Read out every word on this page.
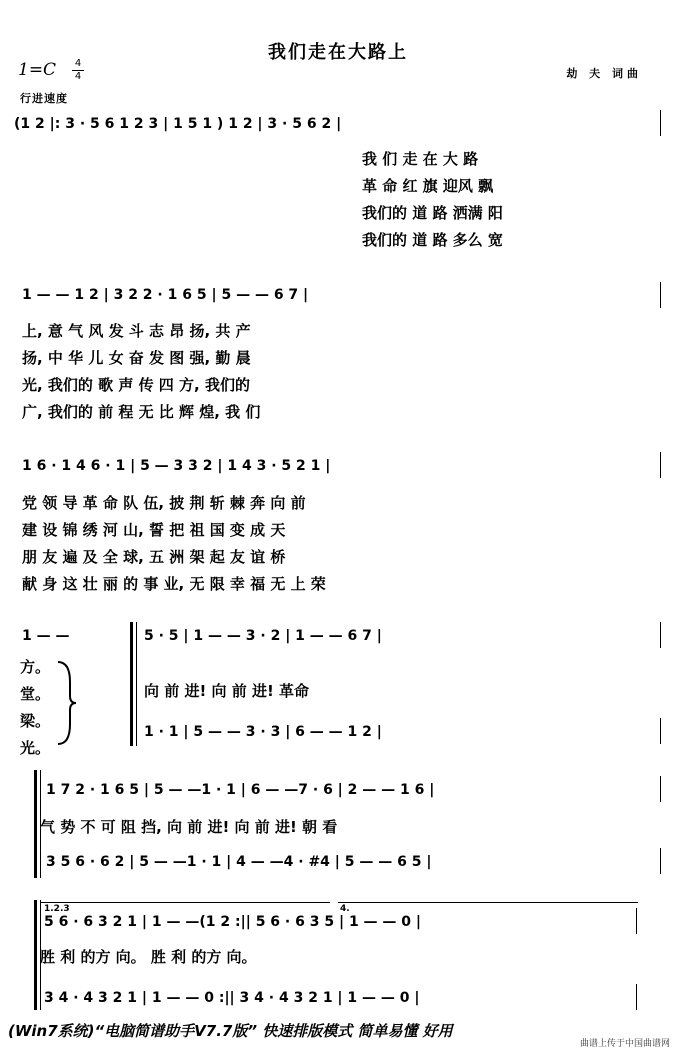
我们走在大路上
1=C 4
4	劫 夫 词曲
行进速度
(1 2 |: 3 · 5 6 1 2 3 | 1 5 1 ) 1 2 | 3 · 5 6 2 |
我 们 走 在 大 路
革 命 红 旗 迎风 飘
我们的 道 路 洒满 阳
我们的 道 路 多么 宽
1 — — 1 2 | 3 2 2 · 1 6 5 | 5 — — 6 7 |
上, 意 气 风 发 斗 志 昂 扬, 共 产
扬, 中 华 儿 女 奋 发 图 强, 勤 晨
光, 我们的 歌 声 传 四 方, 我们的
广, 我们的 前 程 无 比 辉 煌, 我 们
1 6 · 1 4 6 · 1 | 5 — 3 3 2 | 1 4 3 · 5 2 1 |
党 领 导 革 命 队 伍, 披 荆 斩 棘 奔 向 前
建 设 锦 绣 河 山, 誓 把 祖 国 变 成 天
朋 友 遍 及 全 球, 五 洲 架 起 友 谊 桥
献 身 这 壮 丽 的 事 业, 无 限 幸 福 无 上 荣
1 — —	5 · 5 | 1 — — 3 · 2 | 1 — — 6 7 |
方。
堂。
梁。
光。
向 前 进! 向 前 进! 革命
1 · 1 | 5 — — 3 · 3 | 6 — — 1 2 |
1 7 2 · 1 6 5 | 5 — —1 · 1 | 6 — —7 · 6 | 2 — — 1 6 |
气 势 不 可 阻 挡, 向 前 进! 向 前 进! 朝 看
3 5 6 · 6 2 | 5 — —1 · 1 | 4 — —4 · #4 | 5 — — 6 5 |
1.2.3	4.
5 6 · 6 3 2 1 | 1 — —(1 2 :|| 5 6 · 6 3 5 | 1 — — 0 |
胜 利 的方 向。 胜 利 的方 向。
3 4 · 4 3 2 1 | 1 — — 0 :|| 3 4 · 4 3 2 1 | 1 — — 0 |
(Win7系统)“电脑简谱助手V7.7版” 快速排版模式 简单易懂 好用
曲谱上传于中国曲谱网
